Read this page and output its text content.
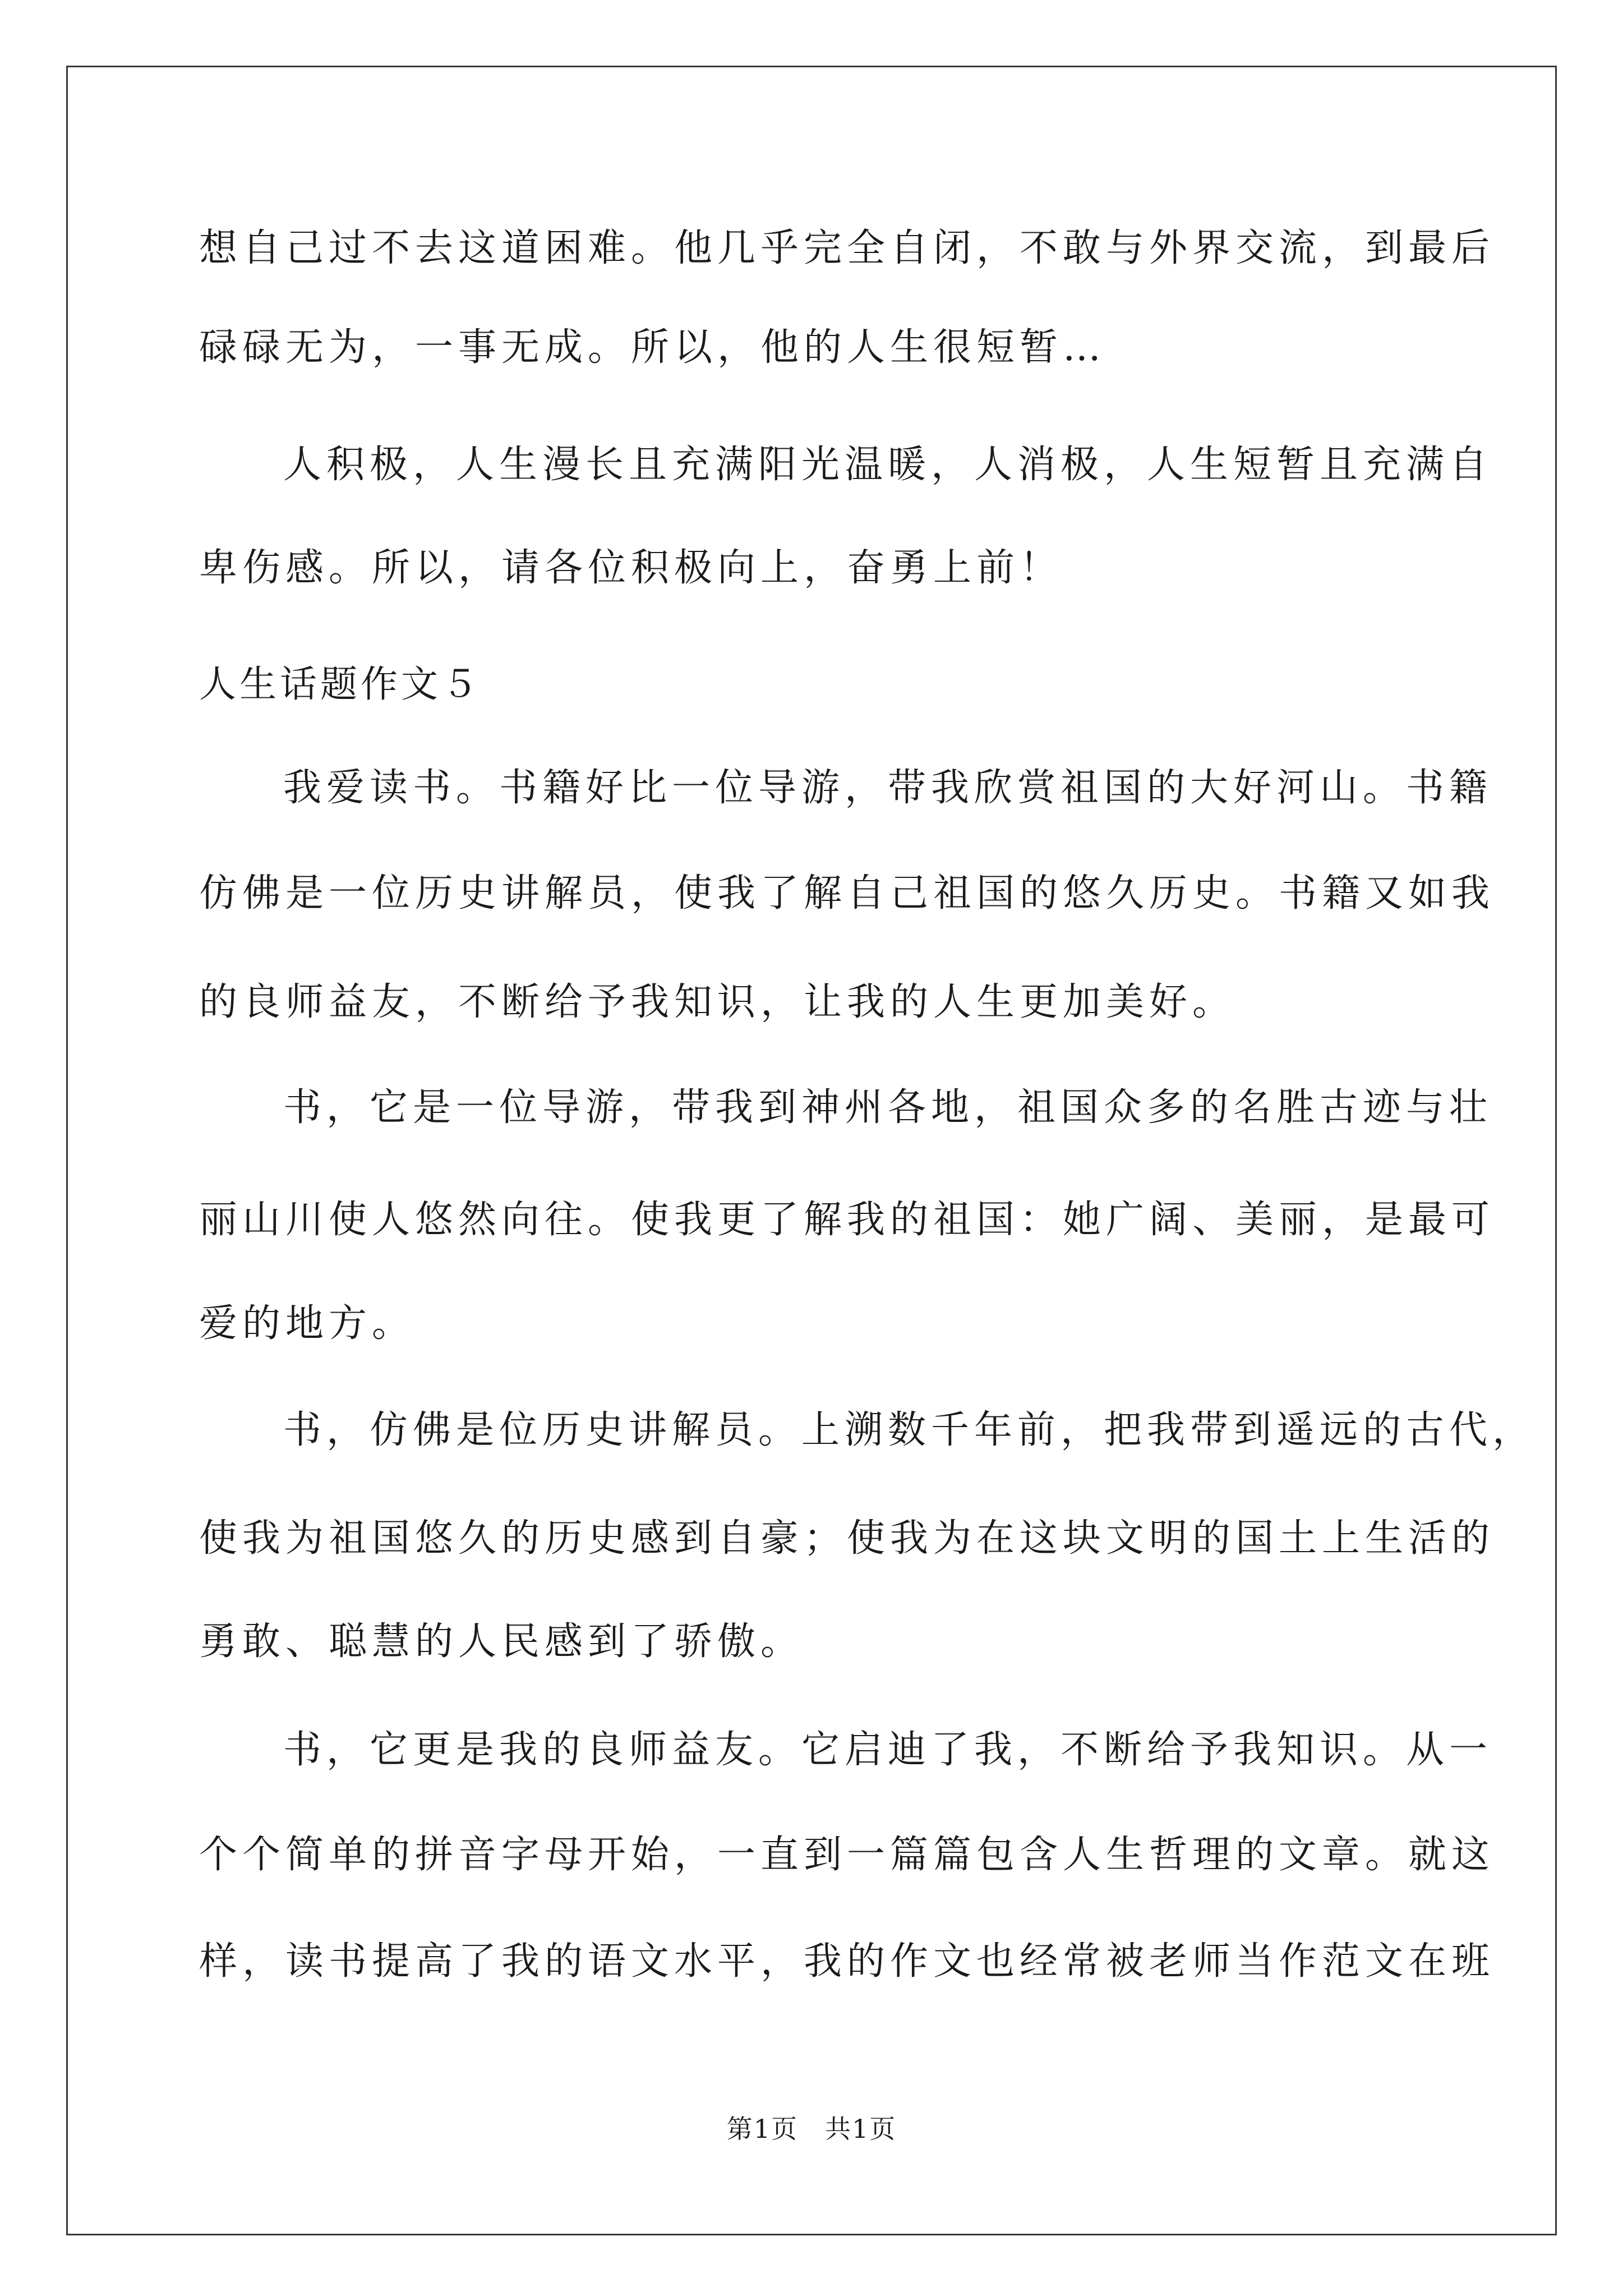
想自己过不去这道困难。他几乎完全自闭，不敢与外界交流，到最后

碌碌无为，一事无成。所以，他的人生很短暂…

人积极，人生漫长且充满阳光温暖，人消极，人生短暂且充满自

卑伤感。所以，请各位积极向上，奋勇上前！

人生话题作文５

我爱读书。书籍好比一位导游，带我欣赏祖国的大好河山。书籍

仿佛是一位历史讲解员，使我了解自己祖国的悠久历史。书籍又如我

的良师益友，不断给予我知识，让我的人生更加美好。

书，它是一位导游，带我到神州各地，祖国众多的名胜古迹与壮

丽山川使人悠然向往。使我更了解我的祖国：她广阔、美丽，是最可

爱的地方。

书，仿佛是位历史讲解员。上溯数千年前，把我带到遥远的古代，

使我为祖国悠久的历史感到自豪；使我为在这块文明的国土上生活的

勇敢、聪慧的人民感到了骄傲。

书，它更是我的良师益友。它启迪了我，不断给予我知识。从一

个个简单的拼音字母开始，一直到一篇篇包含人生哲理的文章。就这

样，读书提高了我的语文水平，我的作文也经常被老师当作范文在班

第1页　共1页
